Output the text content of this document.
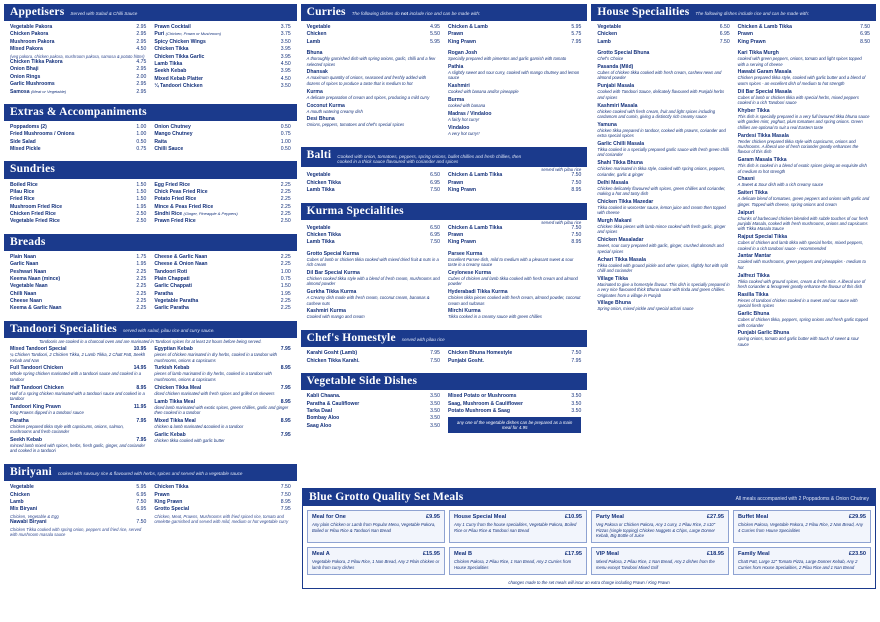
Appetisers Served with Salad & Chilli Sauce
Vegetable Pakora	2.95
Chicken Pakora	2.95
Mushroom Pakora	2.95
Mixed Pakora	4.50
(veg pakora, chicken pakora, mushroom pakora, samosa & potato fritter)
Chicken Tikka Pakora	4.75
Onion Bhaji	2.95
Onion Rings	2.00
Garlic Mushrooms	2.95
Samosa (Meat or Vegetable)	2.95
Prawn Cocktail	3.75
Puri (Chicken, Prawn or Mushroom)	3.75
Spicy Chicken Wings	3.50
Chicken Tikka	3.95
Chicken Tikka Garlic	3.95
Lamb Tikka	4.50
Seekh Kebab	3.95
Mixed Kebab Platter	4.50
¼ Tandoori Chicken	3.50
Extras & Accompaniments
Poppadoms (2)	1.00
Fried Mushrooms / Onions	1.00
Side Salad	0.50
Mixed Pickle	0.75
Onion Chutney	0.50
Mango Chutney	0.75
Raita	1.00
Chilli Sauce	0.50
Sundries
Boiled Rice	1.50
Pilau Rice	1.50
Fried Rice	1.50
Mushroom Fried Rice	1.95
Chicken Fried Rice	2.50
Vegetable Fried Rice	2.50
Egg Fried Rice	2.25
Chick Peas Fried Rice	2.25
Potato Fried Rice	2.25
Mince & Peas Fried Rice	2.25
Sindhi Rice (Ginger, Pineapple & Peppers)	2.25
Prawn Fried Rice	2.50
Breads
Plain Naan	1.75
Garlic Naan	1.95
Peshwari Naan	2.25
Keema Naan (mince)	2.25
Vegetable Naan	2.25
Chilli Naan	2.25
Cheese Naan	2.25
Keema & Garlic Naan	2.25
Cheese & Garlic Naan	2.25
Cheese & Onion Naan	2.25
Tandoori Roti	1.00
Plain Chappati	0.75
Garlic Chappati	1.50
Paratha	1.95
Vegetable Paratha	2.25
Garlic Paratha	2.25
Tandoori Specialities served with salad, pilau rice and curry sauce.
Tandooris are cooked in a charcoal oven and are marinated in Tandoori spices for at least 24 hours before being served.
Mixed Tandoori Special	10.95
¼ Chicken Tandoori, 2 Chicken Tikka, 2 Lamb Tikka, 2 Chatt Patt, Seekh Kebab and Nan
Full Tandoori Chicken	14.95
Whole spring chicken marinated with a tandoori sauce and cooked in a tandoor
Half Tandoori Chicken	8.95
Half of a spring chicken marinated with a tandoori sauce and cooked in a tandoor
Tandoori King Prawn	11.95
King Prawns dipped in a tandoori sauce
Paratha	7.95
Chicken prepared tikka style with capsicums, onions, salmon, mushrooms and fresh coriander
Seekh Kebab	7.95
minced lamb mixed with spices, herbs, fresh garlic, ginger, and coriander and cooked in a tandoori
Egyptian Kebab	7.95
pieces of chicken marinated in dry herbs, cooked in a tandoor with mushrooms, onions & capsicums
Turkish Kebab	8.95
pieces of lamb marinated in dry herbs, cooked in a tandoor with mushrooms, onions & capsicums
Chicken Tikka Meal	7.95
diced chicken marinated with fresh spices and grilled on skewers
Lamb Tikka Meal	8.95
diced lamb marinated with exotic spices, green chillies, garlic and ginger then cooked in a tandoor
Mixed Tikka Meal	8.95
chicken & lamb marinated &cooked in a tandoor
Garlic Kebab	7.95
chicken tikka cooked with garlic butter
Biriyani cooked with savoury rice & flavoured with herbs, spices and served with a vegetable sauce
Vegetable	5.95
Chicken	6.95
Lamb	7.50
Mix Biryani	6.95
Chicken, Vegetable & Egg
Nawabi Biryani	7.50
Chicken Tikka cooked with spring onion, peppers and fried rice, served with mushroom masala sauce
Chicken Tikka	7.50
Prawn	7.50
King Prawn	8.95
Grotto Special	7.95
Chicken, Meat, Prawns, Mushrooms with fried spiced rice, tomato and omelette garnished and served with mild, medium or hot vegetable curry
Curries The following dishes do not include rice and can be made with:
Vegetable	4.95
Chicken	5.50
Lamb	5.95
Chicken & Lamb	5.95
Prawn	5.75
King Prawn	7.95
Bhuna
A thoroughly garnished dish with spring onions, garlic, chilli and a few selected spices
Dhansak
A maximum quantity of onions, seasoned and freshly added with dozens of spices to produce a taste that is medium to hot
Kurma
A delicate preparation of cream and spices, producing a mild curry
Coconut Kurma
A mouth watering creamy dish
Desi Bhuna
Onions, peppers, tomatoes and chef's special spices
Rogan Josh
Specially prepared with pimentos and garlic garnish with tomato
Pathia
A slightly sweet and sour curry, cooked with mango chutney and lemon sauce
Kashmiri
Cooked with banana and/or pineapple
Burma
cooked with banana
Madras / Vindaloo
A fairly hot curry!
Vindaloo
A very hot curry!!
Balti Cooked with onion, tomatoes, peppers, spring onions, bullet chillies and fresh chillies, then cooked in a thick sauce flavoured with coriander and spices
served with pilau rice
Vegetable	6.50
Chicken Tikka	6.95
Lamb Tikka	7.50
Chicken & Lamb Tikka	7.50
Prawn	7.50
King Prawn	8.95
Kurma Specialities
served with pilau rice
Vegetable	6.50
Chicken Tikka	6.95
Lamb Tikka	7.50
Chicken & Lamb Tikka	7.50
Prawn	7.50
King Prawn	8.95
Grotto Special Kurma
Cubes of lamb or chicken tikka cooked with mixed dried fruit & nuts in a rich cream
Dil Bar Special Kurma
Chicken cooked tikka style with a blend of fresh cream, mushrooms and almond powder
Gurkha Tikka Kurma
A Creamy dish made with fresh cream, coconut cream, bananas & cashew nuts
Kashmiri Kurma
Cooked with mango and cream
Parsee Kurma
Excellent Parsee dish, mild to medium with a pleasant sweet & sour taste in a creamy sauce
Ceylonese Kurma
Cubes of chicken and lamb tikka cooked with fresh cream and almond powder
Hyderabadi Tikka Kurma
Chicken tikka pieces cooked with fresh cream, almond powder, coconut cream and sultanas
Mirchi Kurma
Tikka cooked in a creamy sauce with green chillies
Chef's Homestyle served with pilau rice
Karahi Gosht (Lamb)	7.95
Chicken Tikka Karahi.	7.50
Chicken Bhuna Homestyle	7.50
Punjabi Gosht.	7.95
Vegetable Side Dishes
Kabli Chaana.	3.50
Paratha & Cauliflower	3.50
Tarka Daal	3.50
Bombay Aloo	3.50
Saag Aloo	3.50
Mixed Potato or Mushrooms	3.50
Saag, Mushroom & Cauliflower	3.50
Potato Mushroom & Saag	3.50
any one of the vegetable dishes can be prepared as a main meal for 4.95
House Specialities The following dishes include rice and can be made with:
Vegetable	6.50
Chicken	6.95
Lamb	7.50
Chicken & Lamb Tikka	7.50
Prawn	6.95
King Prawn	8.50
Grotto Special Bhuna
Chef's Choice
Pasanda (Mild)
Cubes of chicken tikka cooked with fresh cream, cashew news and almond powder
Punjabi Masala
Cooked with Tandoori Sauce, delicately flavoured with Punjabi herbs and spices
Kashmiri Masala
chicken cooked with fresh cream, fruit and light spices including cardamom and cumin, giving a distinctly rich creamy sauce
Yamuna
chicken tikka prepared in tandoor, cooked with prawns, coriander and extra special spices
Garlic Chilli Masala
Tikka cooked in a specially prepared garlic sauce with fresh green chilli and coriander
Shahi Tikka Bhuna
Chicken marinated in tikka style, cooked with spring onions, peppers, coriander, garlic & ginger
Delhi Masala
Chicken delicately flavoured with spices, green chillies and coriander, making a hot and tasty dish
Chicken Tikka Mazedar
Tikka cooked in worcester sauce, lemon juice and cream then topped with cheese
Murgh Makani
Chicken tikka pieces with lamb mince cooked with fresh garlic, ginger and spices
Chicken Masaladar
Sweet, sour curry prepared with garlic, ginger, crushed almonds and special spices
Achari Tikka Masala
Tikka cooked with ground pickle and other spices, slightly hot with split chilli and coriander
Village Tikka
Marinated to give a homestyle flavour. This dish is specially prepared in a very nice flavoured thick Bhuna sauce with tinda and green chillies. Originates from a village in Punjab
Village Bhuna
Spring onion, mixed pickle and special achari sauce
Kari Tikka Murgh
cooked with green peppers, onions, tomato and light spices topped with a serving of cheese
Hawabi Garam Masala
Chicken prepared tikka style, cooked with garlic butter and a blend of warm spices - an excellent dish of medium to hot strength
Dil Bar Special Masala
Cubes of lamb or chicken tikka with special herbs, mixed peppers cooked in a rich Tandoori sauce
Khyber Tikka
This dish is specially prepared in a very full lavoured tikka bhuna sauce with garden mint, yoghurt, plum tomatoes and spring onions. Green chillies are optional to suit a real Eastern taste
Pardesi Tikka Masala
Tender chicken prepared tikka style with capsicums, onions and mushrooms. A liberal use of fresh coriander greatly enhances the flavour of this dish
Garam Masala Tikka
This dish is cooked in a blend of exotic spices giving an exquisite dish of medium to hot strength
Chasni
A Sweet & Sour dish with a rich creamy sauce
Saiteri Tikka
A delicate blend of tomatoes, green peppers and onions with garlic and ginger. Topped with cheese, spring onions and cream
Jaipuri
Chunks of barbecued chicken blended with subtle touches of our fresh punjabi Masala, cooked with fresh mushrooms, onions and capsicums with Tikka Masala Sauce
Rajput Special Tikka
Cubes of chicken and lamb tikka with special herbs, mixed peppers, cooked in a rich tandoori sauce - recommended
Jantar Mantar
Cooked with mushrooms, green peppers and pineapples - medium to hot
Jalfrezi Tikka
Tikka cooked with ground spices, cream & fresh mint. A liberal use of fresh coriander & fenugreek greatly enhance the flavour of this dish
Rasilla Tikka
Pieces of tandoori chicken cooked in a sweet and our sauce with special fresh spices
Garlic Bhuna
Cubes of chicken tikka, peppers, spring onions and fresh garlic topped with coriander
Punjabi Garlic Bhuna
spring onions, tomato and garlic butter with touch of sweet & sour sauce
Blue Grotto Quality Set Meals	All meals accompanied with 2 Poppadoms & Onion Chutney
Meal for One	£9.95
Any plain Chicken or Lamb from Popular Menu, Vegetable Pakora, Boiled or Pilau Rice & Tandoori Nan Bread
House Special Meal	£10.95
Any 1 Curry from the house specialities, Vegetable Pakora, Boiled Rice or Pilau Rice & Tandoori nan Bread
Party Meal	£27.95
Veg Pakora or Chicken Pakora, Any 1 curry, 1 Pilau Rice, 2 x10" Pizzas (single topping) Chicken Nuggets & Chips, Large Donner Kebab, Big Bottle of Juice
Buffet Meal	£29.95
Chicken Pakora, Vegetable Pakora, 2 Pilau Rice, 2 Nan Bread, Any 4 Curries from House Specialities
Meal A	£15.95
Vegetable Pakora, 2 Pilau Rice, 1 Nan Bread, Any 2 Plain chicken or lamb from curry dishes
Meal B	£17.95
Chicken Pakora, 2 Pilau Rice, 1 Nan Bread, Any 2 Curries from House Specialities
VIP Meal	£18.95
Mixed Pakora, 2 Pilau Rice, 1 Nan Bread, Any 2 dishes from the menu except Tandoori Mixed Grill
Family Meal	£23.50
Chatt Patt, Large 12" Tomato Pizza, Large Donner Kebab, Any 2 Curries from House Specialities, 2 Pilau Rice and 1 Nan Bread
changes made to the set meals will incur an extra charge including Prawn / King Prawn
